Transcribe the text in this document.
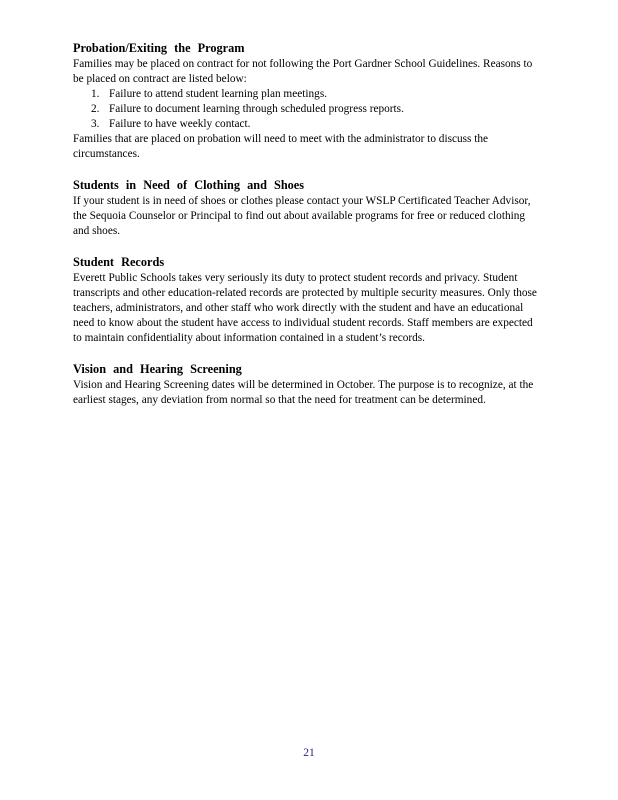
Probation/Exiting the Program

Families may be placed on contract for not following the Port Gardner School Guidelines. Reasons to be placed on contract are listed below:

1. Failure to attend student learning plan meetings.
2. Failure to document learning through scheduled progress reports.
3. Failure to have weekly contact.

Families that are placed on probation will need to meet with the administrator to discuss the circumstances.

Students in Need of Clothing and Shoes

If your student is in need of shoes or clothes please contact your WSLP Certificated Teacher Advisor, the Sequoia Counselor or Principal to find out about available programs for free or reduced clothing and shoes.

Student Records

Everett Public Schools takes very seriously its duty to protect student records and privacy. Student transcripts and other education-related records are protected by multiple security measures. Only those teachers, administrators, and other staff who work directly with the student and have an educational need to know about the student have access to individual student records. Staff members are expected to maintain confidentiality about information contained in a student’s records.

Vision and Hearing Screening

Vision and Hearing Screening dates will be determined in October. The purpose is to recognize, at the earliest stages, any deviation from normal so that the need for treatment can be determined.

21
